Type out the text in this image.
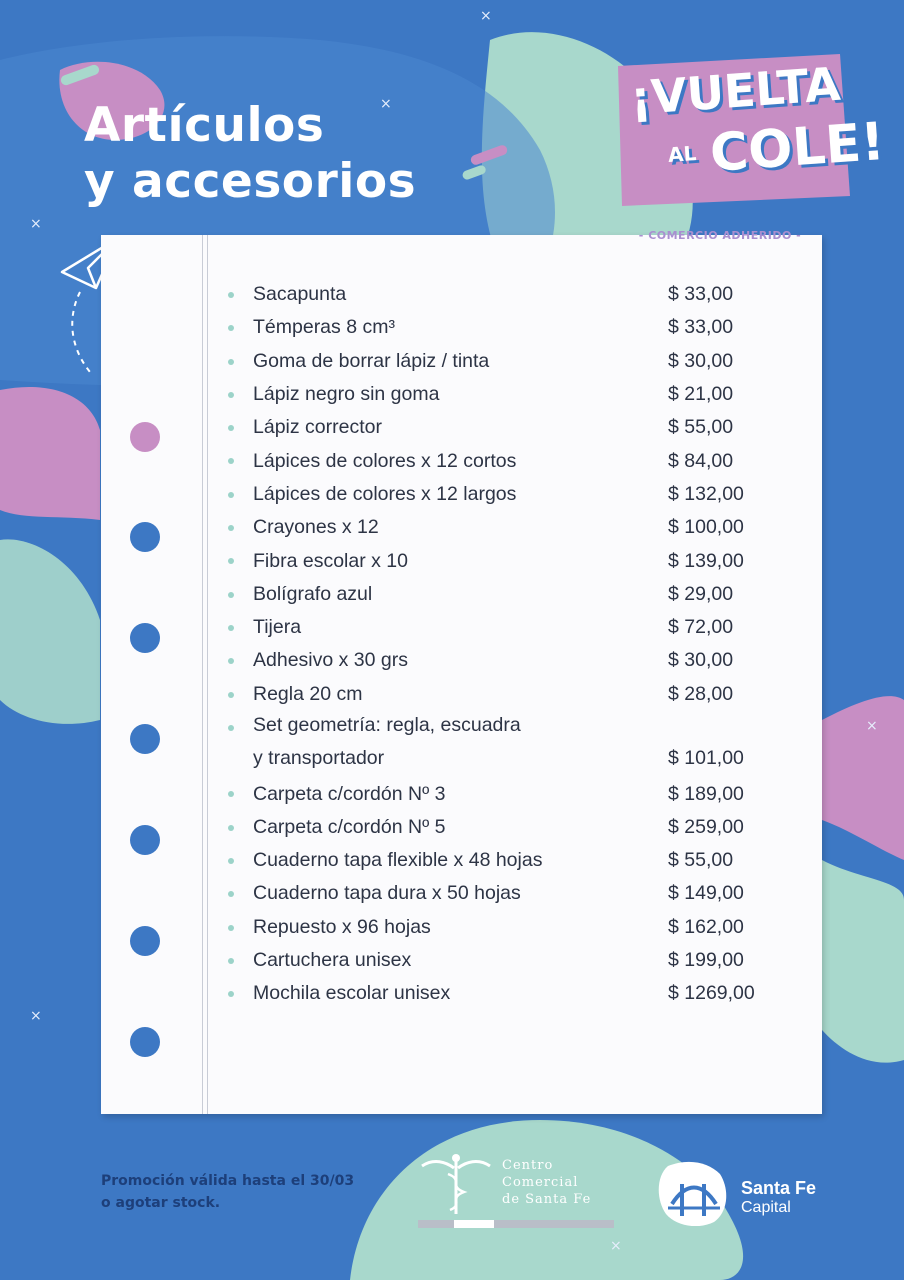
×
×
×
×
×
×
Artículos
y accesorios
¡VUELTA
AL COLE!
- COMERCIO ADHERIDO -
Sacapunta	$ 33,00
Témperas 8 cm³	$ 33,00
Goma de borrar lápiz / tinta	$ 30,00
Lápiz negro sin goma	$ 21,00
Lápiz corrector	$ 55,00
Lápices de colores x 12 cortos	$ 84,00
Lápices de colores x 12 largos	$ 132,00
Crayones x 12	$ 100,00
Fibra escolar x 10	$ 139,00
Bolígrafo azul	$ 29,00
Tijera	$ 72,00
Adhesivo x 30 grs	$ 30,00
Regla 20 cm	$ 28,00
Set geometría: regla, escuadra
y transportador	$ 101,00
Carpeta c/cordón Nº 3	$ 189,00
Carpeta c/cordón Nº 5	$ 259,00
Cuaderno tapa flexible x 48 hojas	$ 55,00
Cuaderno tapa dura x 50 hojas	$ 149,00
Repuesto x 96 hojas	$ 162,00
Cartuchera unisex	$ 199,00
Mochila escolar unisex	$ 1269,00
Promoción válida hasta el 30/03
o agotar stock.
Centro
Comercial
de Santa Fe
Santa Fe
Capital
